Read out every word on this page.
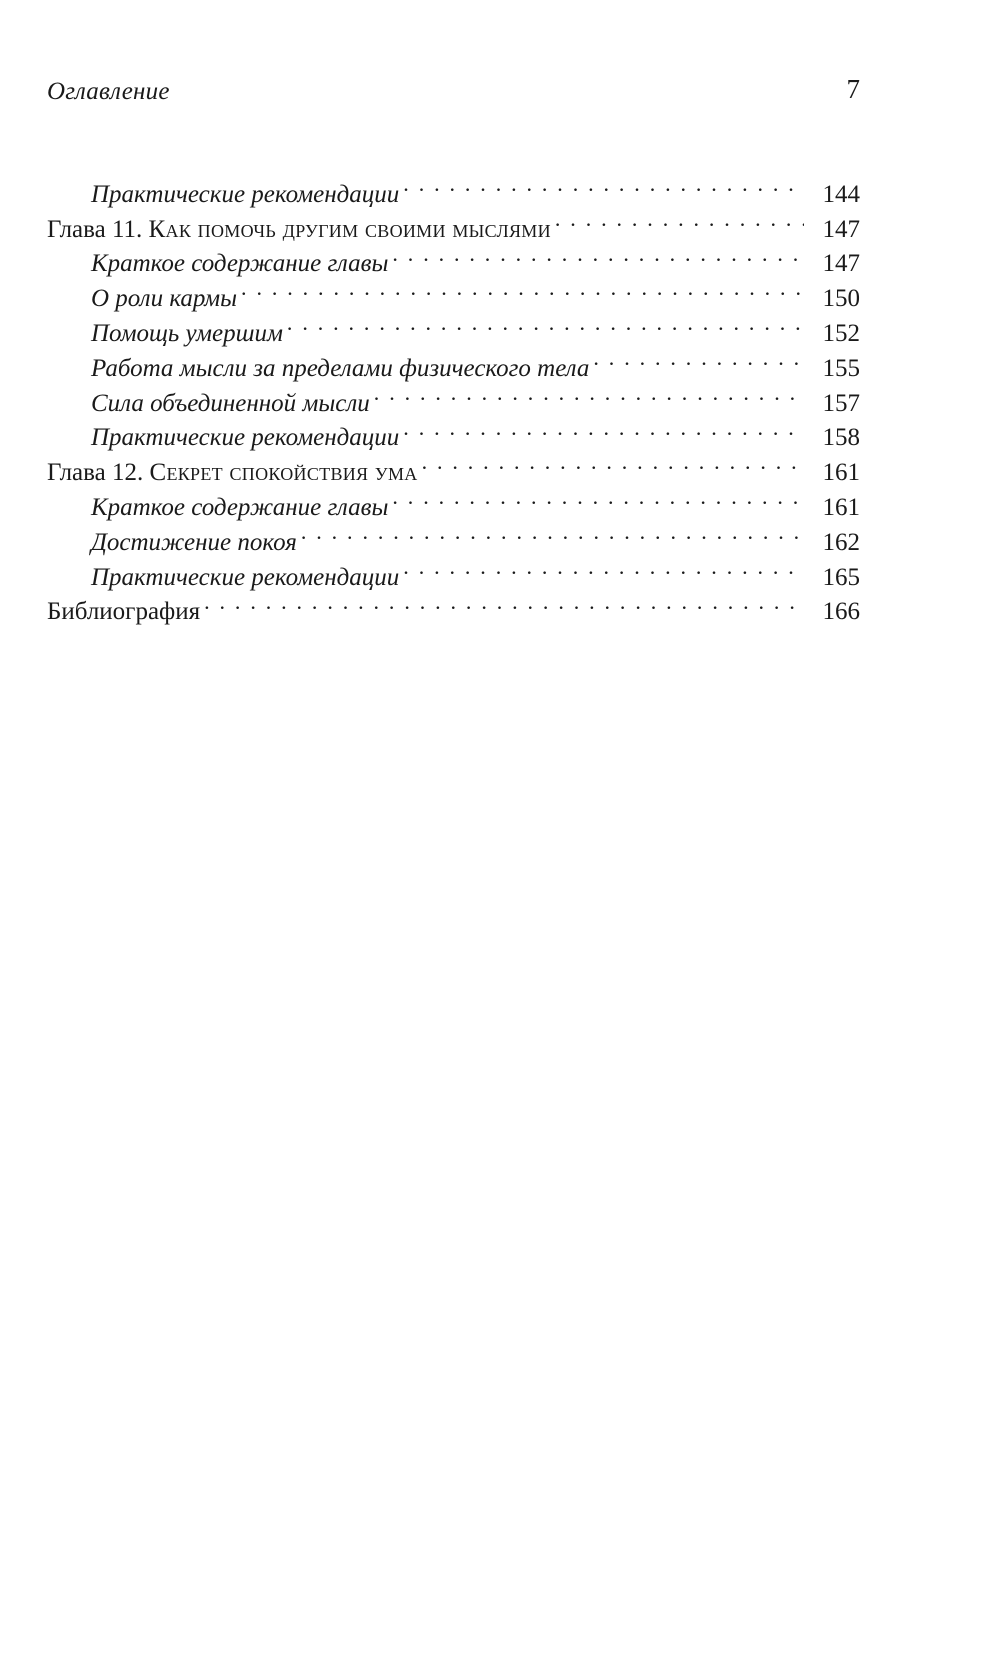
Оглавление	7
Практические рекомендации . . .	144
Глава 11. Как помочь другим своими мыслями . . .	147
Краткое содержание главы . . .	147
О роли кармы . . .	150
Помощь умершим . . .	152
Работа мысли за пределами физического тела . . .	155
Сила объединенной мысли . . .	157
Практические рекомендации . . .	158
Глава 12. Секрет спокойствия ума . . .	161
Краткое содержание главы . . .	161
Достижение покоя . . .	162
Практические рекомендации . . .	165
Библиография . . .	166
